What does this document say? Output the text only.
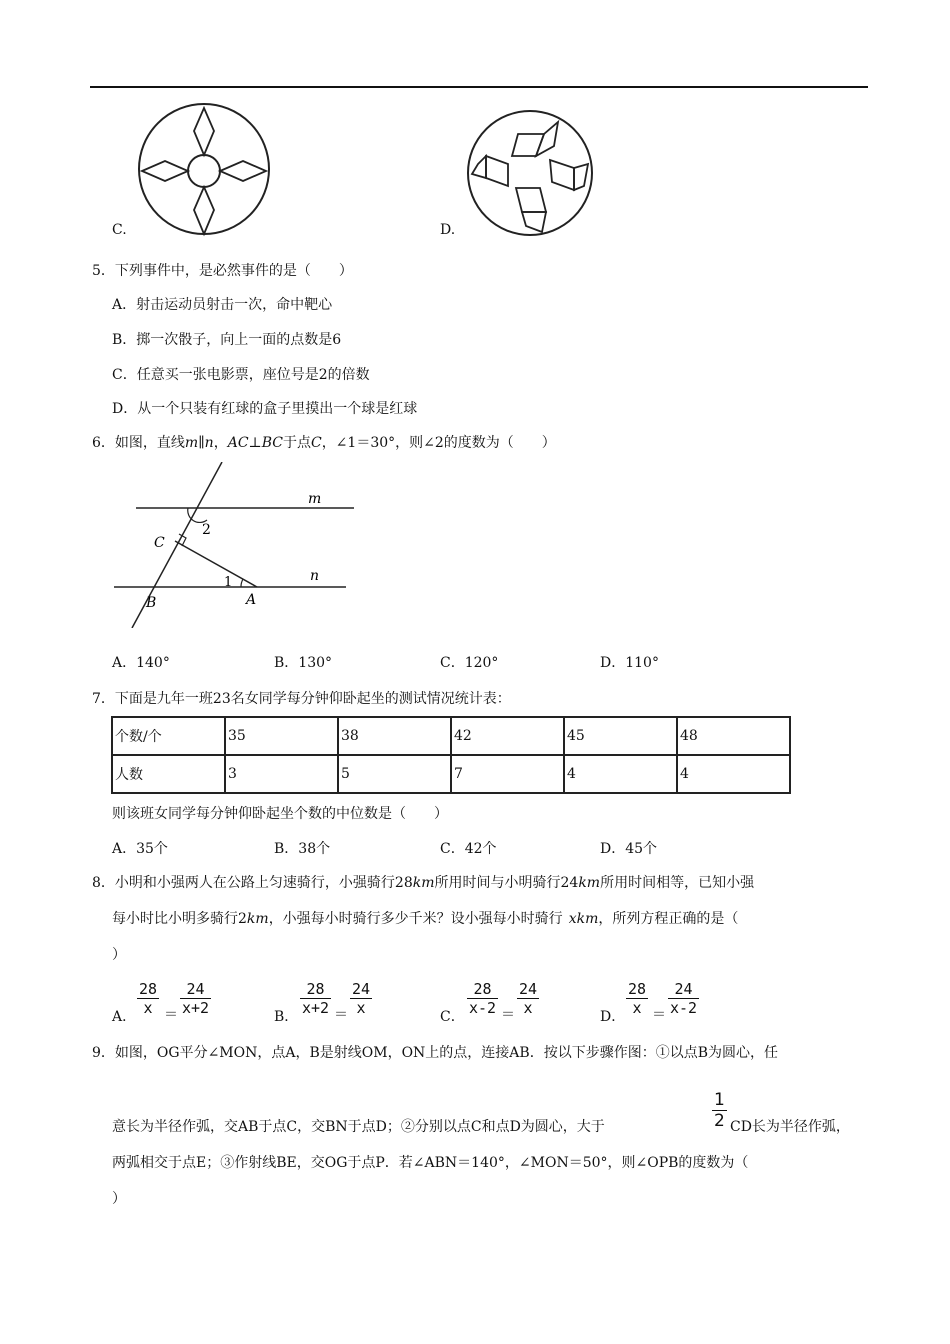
C.	D.
5．下列事件中，是必然事件的是（　　）
A．射击运动员射击一次，命中靶心
B．掷一次骰子，向上一面的点数是6
C．任意买一张电影票，座位号是2的倍数
D．从一个只装有红球的盒子里摸出一个球是红球
6．如图，直线m∥n，AC⊥BC于点C，∠1＝30°，则∠2的度数为（　　）
m
n
C
B	A
1
2
A．140°	B．130°	C．120°	D．110°
7．下面是九年一班23名女同学每分钟仰卧起坐的测试情况统计表：
个数/个	35	38	42	45	48
人数	3	5	7	4	4
则该班女同学每分钟仰卧起坐个数的中位数是（　　）
A．35个	B．38个	C．42个	D．45个
8．小明和小强两人在公路上匀速骑行，小强骑行28km所用时间与小明骑行24km所用时间相等，已知小强
每小时比小明多骑行2km，小强每小时骑行多少千米？设小强每小时骑行 xkm，所列方程正确的是（
）
A．
28
x ＝
24
x+2	B．
28
x+2 ＝
24
x	C．
28
x-2 ＝
24
x	D．
28
x ＝
24
x-2
9．如图，OG平分∠MON，点A，B是射线OM，ON上的点，连接AB．按以下步骤作图：①以点B为圆心，任
1
2
意长为半径作弧，交AB于点C，交BN于点D；②分别以点C和点D为圆心，大于	CD长为半径作弧，
两弧相交于点E；③作射线BE，交OG于点P．若∠ABN＝140°，∠MON＝50°，则∠OPB的度数为（
）
